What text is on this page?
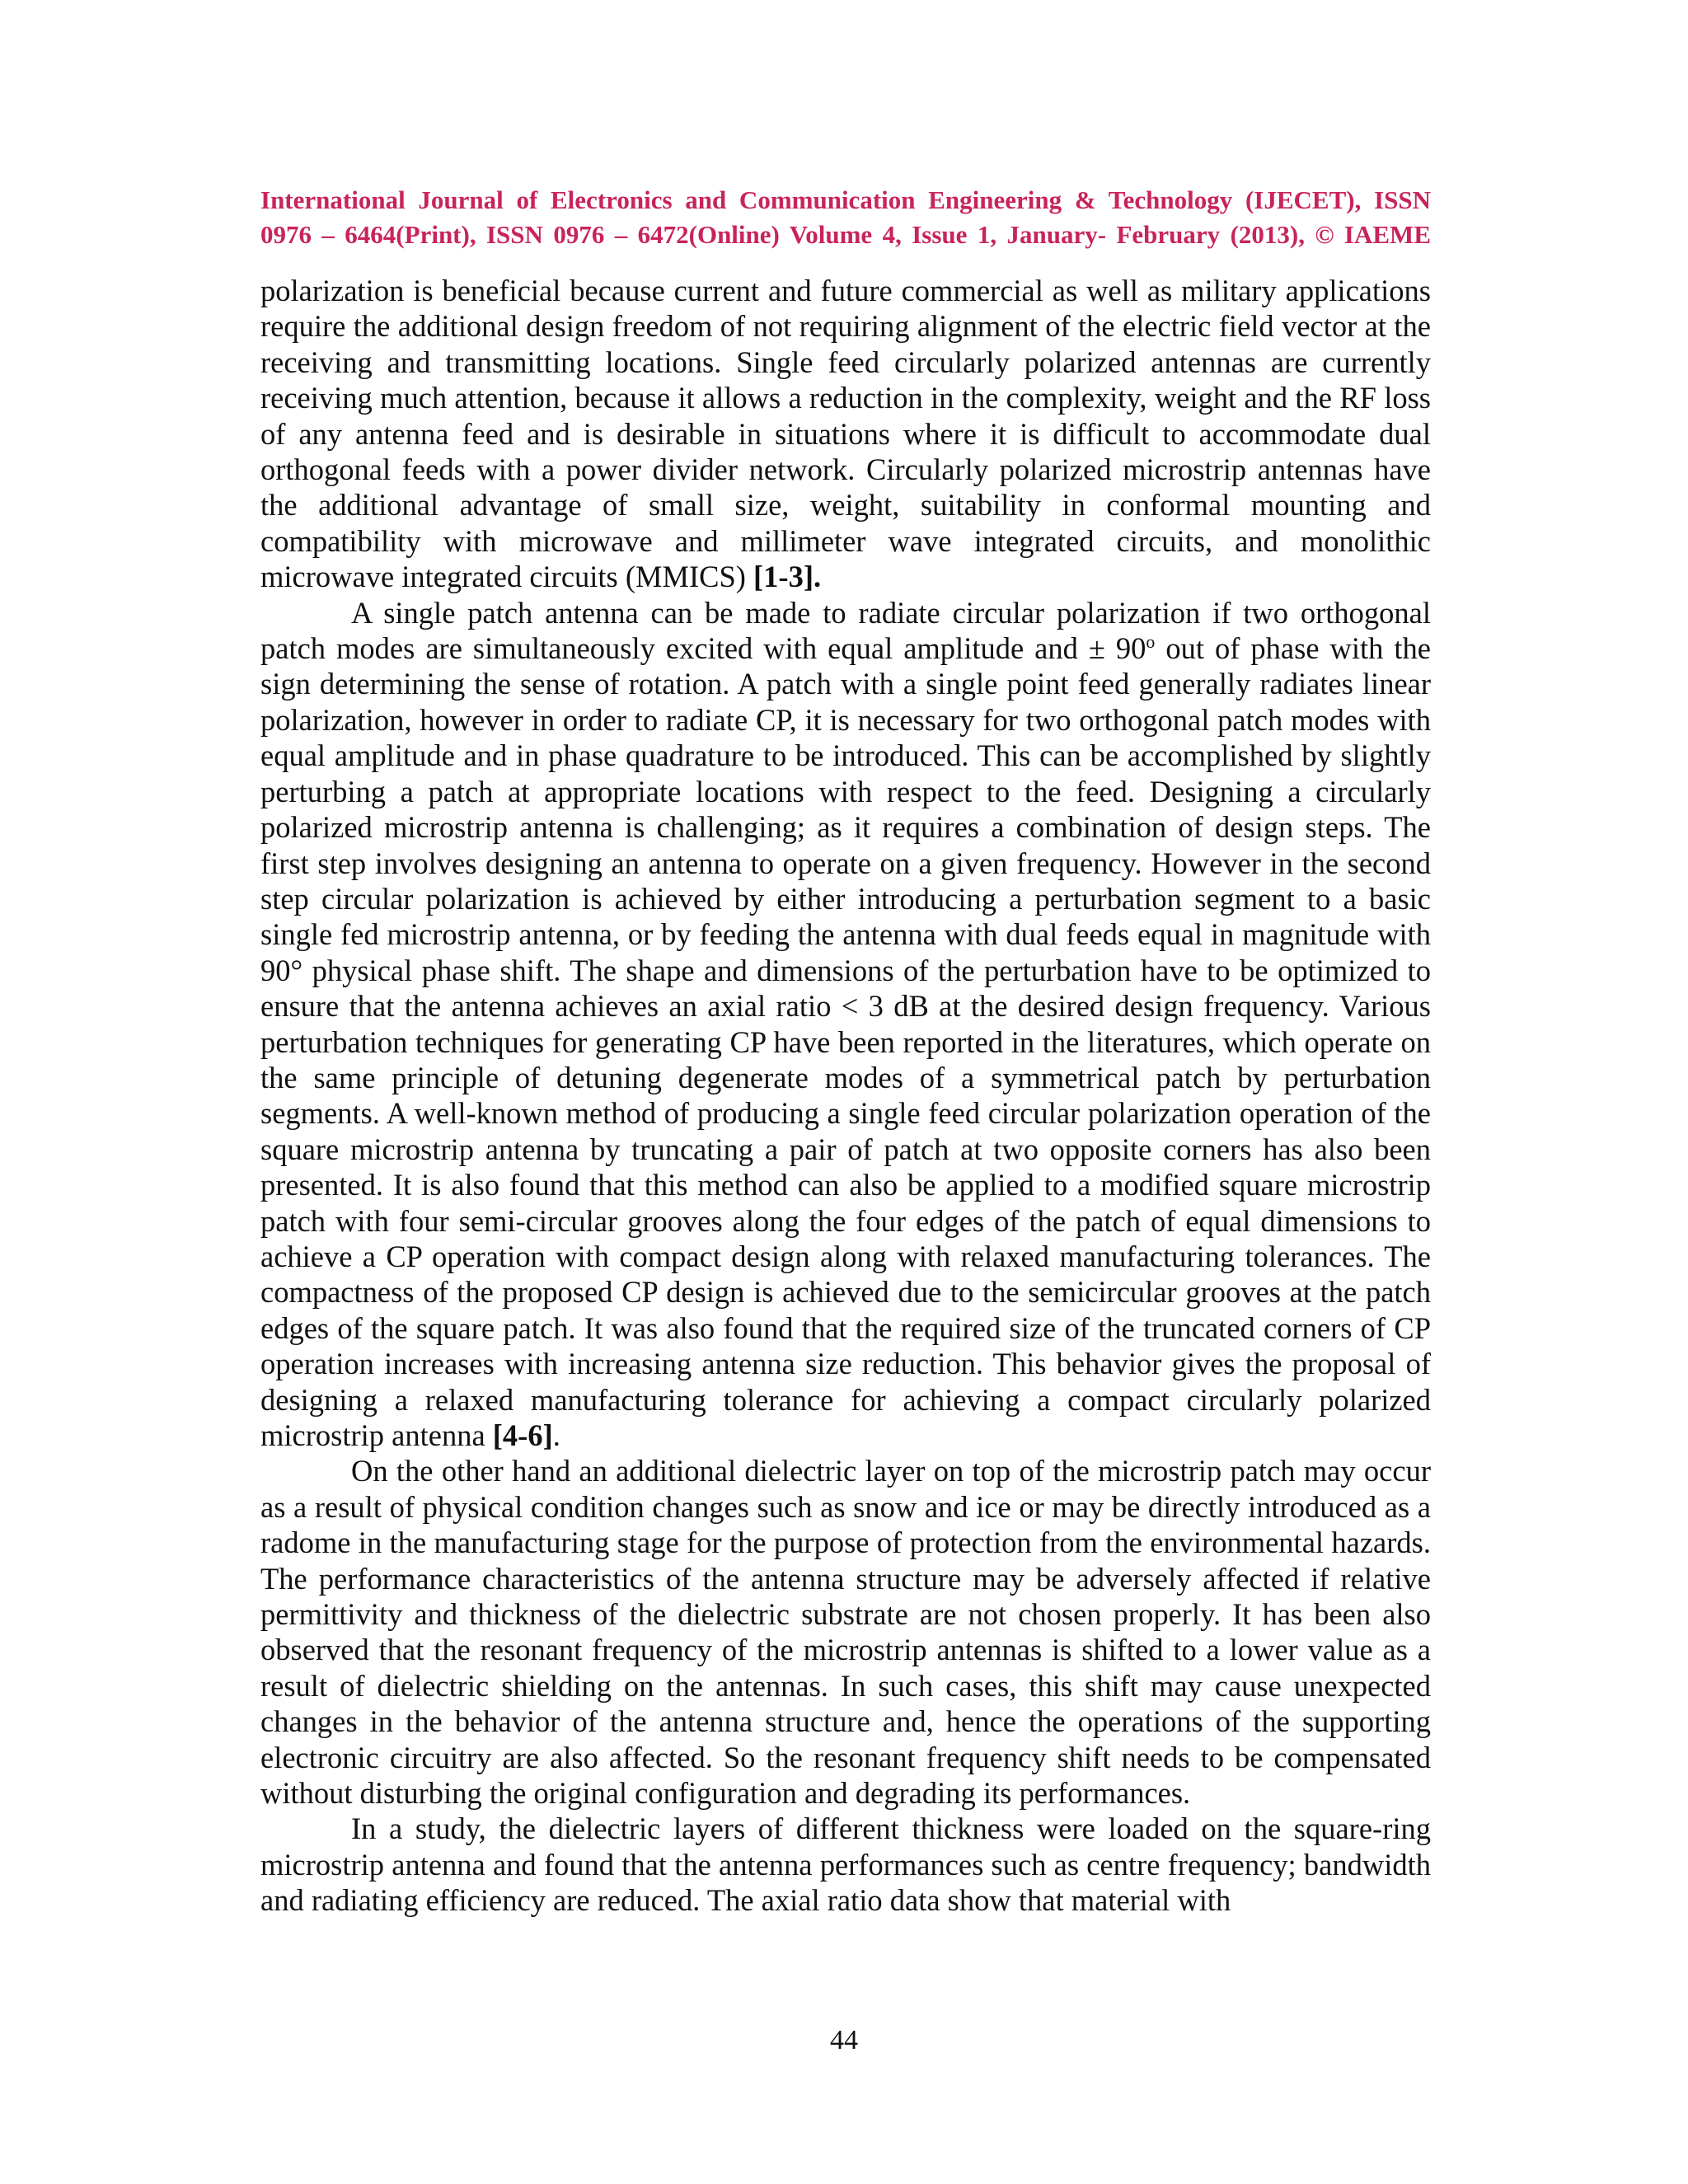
International Journal of Electronics and Communication Engineering & Technology (IJECET), ISSN
0976 – 6464(Print), ISSN 0976 – 6472(Online) Volume 4, Issue 1, January- February (2013), © IAEME

polarization is beneficial because current and future commercial as well as military applications require the additional design freedom of not requiring alignment of the electric field vector at the receiving and transmitting locations. Single feed circularly polarized antennas are currently receiving much attention, because it allows a reduction in the complexity, weight and the RF loss of any antenna feed and is desirable in situations where it is difficult to accommodate dual orthogonal feeds with a power divider network. Circularly polarized microstrip antennas have the additional advantage of small size, weight, suitability in conformal mounting and compatibility with microwave and millimeter wave integrated circuits, and monolithic microwave integrated circuits (MMICS) [1-3].

A single patch antenna can be made to radiate circular polarization if two orthogonal patch modes are simultaneously excited with equal amplitude and ± $90^o$ out of phase with the sign determining the sense of rotation. A patch with a single point feed generally radiates linear polarization, however in order to radiate CP, it is necessary for two orthogonal patch modes with equal amplitude and in phase quadrature to be introduced. This can be accomplished by slightly perturbing a patch at appropriate locations with respect to the feed. Designing a circularly polarized microstrip antenna is challenging; as it requires a combination of design steps. The first step involves designing an antenna to operate on a given frequency. However in the second step circular polarization is achieved by either introducing a perturbation segment to a basic single fed microstrip antenna, or by feeding the antenna with dual feeds equal in magnitude with 90° physical phase shift. The shape and dimensions of the perturbation have to be optimized to ensure that the antenna achieves an axial ratio < 3 dB at the desired design frequency. Various perturbation techniques for generating CP have been reported in the literatures, which operate on the same principle of detuning degenerate modes of a symmetrical patch by perturbation segments. A well-known method of producing a single feed circular polarization operation of the square microstrip antenna by truncating a pair of patch at two opposite corners has also been presented. It is also found that this method can also be applied to a modified square microstrip patch with four semi-circular grooves along the four edges of the patch of equal dimensions to achieve a CP operation with compact design along with relaxed manufacturing tolerances. The compactness of the proposed CP design is achieved due to the semicircular grooves at the patch edges of the square patch. It was also found that the required size of the truncated corners of CP operation increases with increasing antenna size reduction. This behavior gives the proposal of designing a relaxed manufacturing tolerance for achieving a compact circularly polarized microstrip antenna [4-6].

On the other hand an additional dielectric layer on top of the microstrip patch may occur as a result of physical condition changes such as snow and ice or may be directly introduced as a radome in the manufacturing stage for the purpose of protection from the environmental hazards. The performance characteristics of the antenna structure may be adversely affected if relative permittivity and thickness of the dielectric substrate are not chosen properly. It has been also observed that the resonant frequency of the microstrip antennas is shifted to a lower value as a result of dielectric shielding on the antennas. In such cases, this shift may cause unexpected changes in the behavior of the antenna structure and, hence the operations of the supporting electronic circuitry are also affected. So the resonant frequency shift needs to be compensated without disturbing the original configuration and degrading its performances.

In a study, the dielectric layers of different thickness were loaded on the square-ring microstrip antenna and found that the antenna performances such as centre frequency; bandwidth and radiating efficiency are reduced. The axial ratio data show that material with

44
